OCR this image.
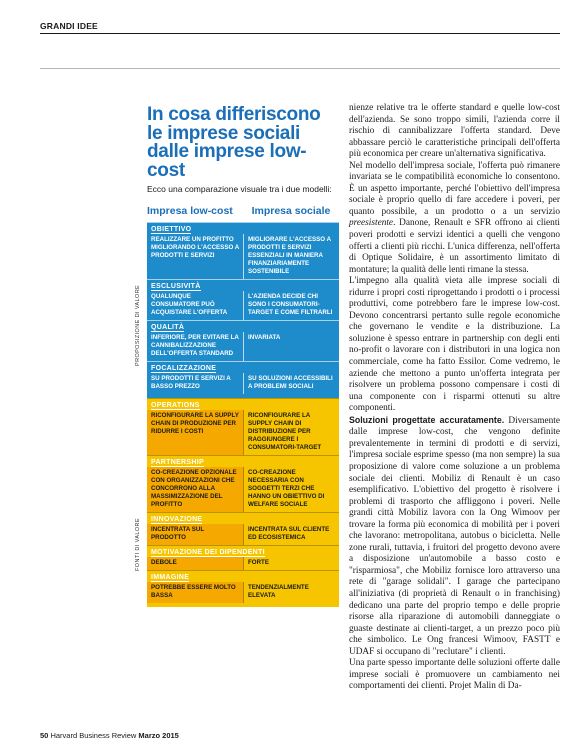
GRANDI IDEE
In cosa differiscono le imprese sociali dalle imprese low-cost

Ecco una comparazione visuale tra i due modelli:

Impresa low-cost	Impresa sociale
OBIETTIVO
REALIZZARE UN PROFITTO MIGLIORANDO L'ACCESSO A PRODOTTI E SERVIZI
MIGLIORARE L'ACCESSO A PRODOTTI E SERVIZI ESSENZIALI IN MANIERA FINANZIARIAMENTE SOSTENIBILE
ESCLUSIVITÀ
QUALUNQUE CONSUMATORE PUÒ ACQUISTARE L'OFFERTA
L'AZIENDA DECIDE CHI SONO I CONSUMATORI-TARGET E COME FILTRARLI
QUALITÀ
INFERIORE, PER EVITARE LA CANNIBALIZZAZIONE DELL'OFFERTA STANDARD
INVARIATA
FOCALIZZAZIONE
SU PRODOTTI E SERVIZI A BASSO PREZZO
SU SOLUZIONI ACCESSIBILI A PROBLEMI SOCIALI
OPERATIONS
RICONFIGURARE LA SUPPLY CHAIN DI PRODUZIONE PER RIDURRE I COSTI
RICONFIGURARE LA SUPPLY CHAIN DI DISTRIBUZIONE PER RAGGIUNGERE I CONSUMATORI-TARGET
PARTNERSHIP
CO-CREAZIONE OPZIONALE CON ORGANIZZAZIONI CHE CONCORRONO ALLA MASSIMIZZAZIONE DEL PROFITTO
CO-CREAZIONE NECESSARIA CON SOGGETTI TERZI CHE HANNO UN OBIETTIVO DI WELFARE SOCIALE
INNOVAZIONE
INCENTRATA SUL PRODOTTO
INCENTRATA SUL CLIENTE ED ECOSISTEMICA
MOTIVAZIONE DEI DIPENDENTI
DEBOLE	FORTE
IMMAGINE
POTREBBE ESSERE MOLTO BASSA
TENDENZIALMENTE ELEVATA
PROPOSIZIONE DI VALORE
FONTI DI VALORE

nienze relative tra le offerte standard e quelle low-cost dell'azienda. Se sono troppo simili, l'azienda corre il rischio di cannibalizzare l'offerta standard. Deve abbassare perciò le caratteristiche principali dell'offerta più economica per creare un'alternativa significativa.

Nel modello dell'impresa sociale, l'offerta può rimanere invariata se le compatibilità economiche lo consentono. È un aspetto importante, perché l'obiettivo dell'impresa sociale è proprio quello di fare accedere i poveri, per quanto possibile, a un prodotto o a un servizio preesistente. Danone, Renault e SFR offrono ai clienti poveri prodotti e servizi identici a quelli che vengono offerti a clienti più ricchi. L'unica differenza, nell'offerta di Optique Solidaire, è un assortimento limitato di montature; la qualità delle lenti rimane la stessa.

L'impegno alla qualità vieta alle imprese sociali di ridurre i propri costi riprogettando i prodotti o i processi produttivi, come potrebbero fare le imprese low-cost. Devono concentrarsi pertanto sulle regole economiche che governano le vendite e la distribuzione. La soluzione è spesso entrare in partnership con degli enti no-profit o lavorare con i distributori in una logica non commerciale, come ha fatto Essilor. Come vedremo, le aziende che mettono a punto un'offerta integrata per risolvere un problema possono compensare i costi di una componente con i risparmi ottenuti su altre componenti.

Soluzioni progettate accuratamente. Diversamente dalle imprese low-cost, che vengono definite prevalentemente in termini di prodotti e di servizi, l'impresa sociale esprime spesso (ma non sempre) la sua proposizione di valore come soluzione a un problema sociale dei clienti. Mobiliz di Renault è un caso esemplificativo. L'obiettivo del progetto è risolvere i problemi di trasporto che affliggono i poveri. Nelle grandi città Mobiliz lavora con la Ong Wimoov per trovare la forma più economica di mobilità per i poveri che lavorano: metropolitana, autobus o bicicletta. Nelle zone rurali, tuttavia, i fruitori del progetto devono avere a disposizione un'automobile a basso costo e "risparmiosa", che Mobiliz fornisce loro attraverso una rete di "garage solidali". I garage che partecipano all'iniziativa (di proprietà di Renault o in franchising) dedicano una parte del proprio tempo e delle proprie risorse alla riparazione di automobili danneggiate o guaste destinate ai clienti-target, a un prezzo poco più che simbolico. Le Ong francesi Wimoov, FASTT e UDAF si occupano di "reclutare" i clienti.

Una parte spesso importante delle soluzioni offerte dalle imprese sociali è promuovere un cambiamento nei comportamenti dei clienti. Projet Malin di Da-

50 Harvard Business Review Marzo 2015
